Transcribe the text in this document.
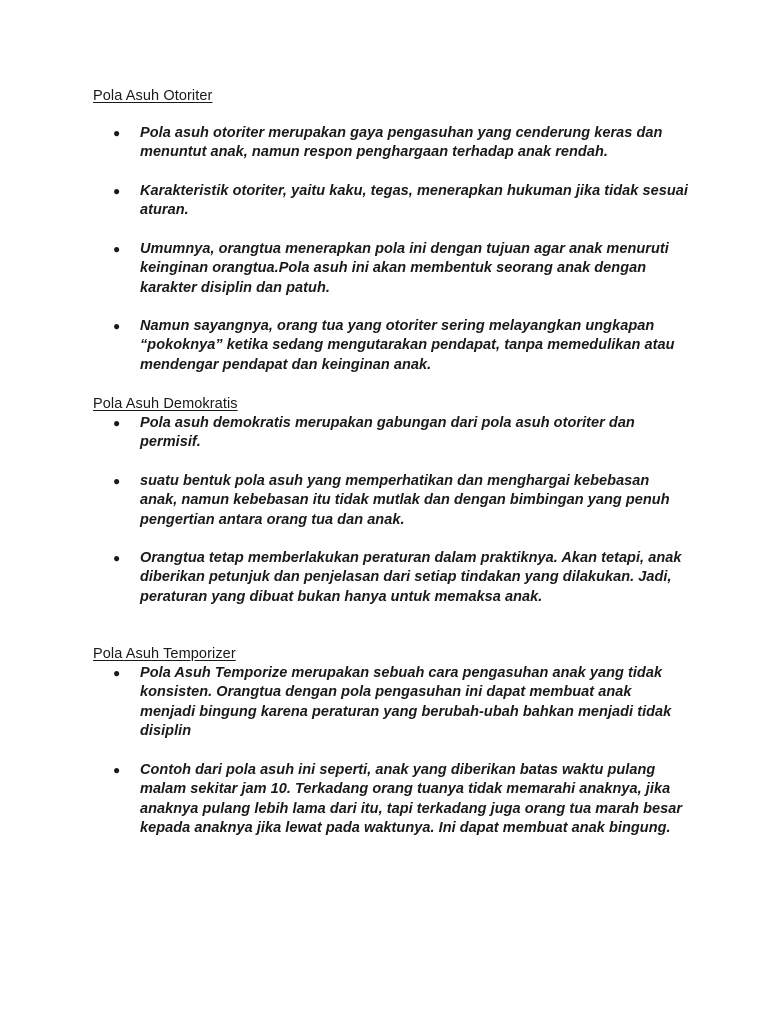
Pola Asuh Otoriter
● Pola asuh otoriter merupakan gaya pengasuhan yang cenderung keras dan menuntut anak, namun respon penghargaan terhadap anak rendah.
● Karakteristik otoriter, yaitu kaku, tegas, menerapkan hukuman jika tidak sesuai aturan.
● Umumnya, orangtua menerapkan pola ini dengan tujuan agar anak menuruti keinginan orangtua.Pola asuh ini akan membentuk seorang anak dengan karakter disiplin dan patuh.
● Namun sayangnya, orang tua yang otoriter sering melayangkan ungkapan “pokoknya” ketika sedang mengutarakan pendapat, tanpa memedulikan atau mendengar pendapat dan keinginan anak.
Pola Asuh Demokratis
● Pola asuh demokratis merupakan gabungan dari pola asuh otoriter dan permisif.
● suatu bentuk pola asuh yang memperhatikan dan menghargai kebebasan anak, namun kebebasan itu tidak mutlak dan dengan bimbingan yang penuh pengertian antara orang tua dan anak.
● Orangtua tetap memberlakukan peraturan dalam praktiknya. Akan tetapi, anak diberikan petunjuk dan penjelasan dari setiap tindakan yang dilakukan. Jadi, peraturan yang dibuat bukan hanya untuk memaksa anak.
Pola Asuh Temporizer
● Pola Asuh Temporize merupakan sebuah cara pengasuhan anak yang tidak konsisten. Orangtua dengan pola pengasuhan ini dapat membuat anak menjadi bingung karena peraturan yang berubah-ubah bahkan menjadi tidak disiplin
● Contoh dari pola asuh ini seperti, anak yang diberikan batas waktu pulang malam sekitar jam 10. Terkadang orang tuanya tidak memarahi anaknya, jika anaknya pulang lebih lama dari itu, tapi terkadang juga orang tua marah besar kepada anaknya jika lewat pada waktunya. Ini dapat membuat anak bingung.
